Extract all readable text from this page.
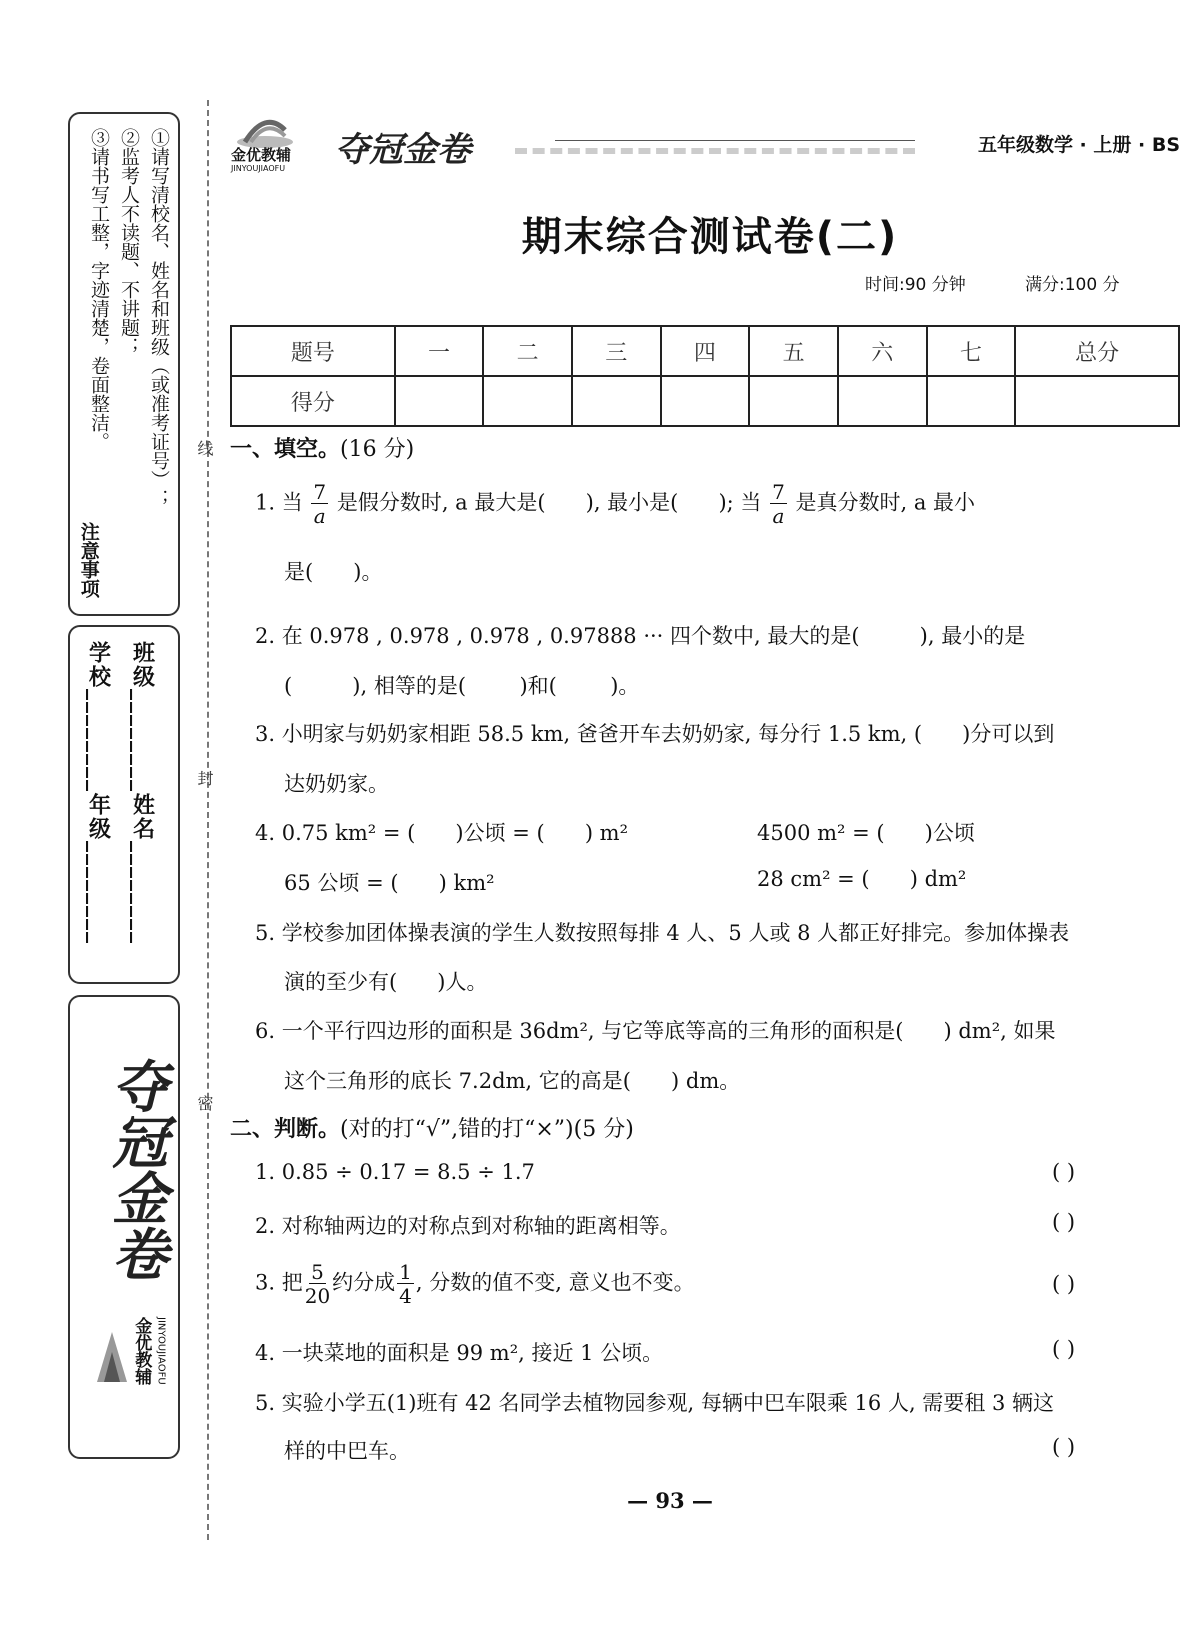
①请写清校名、姓名和班级（或准考证号）；
②监考人不读题、不讲题；
③请书写工整，字迹清楚，卷面整洁。
注意事项
学校________年级________ 班级________姓名________
夺冠金卷
金优教辅 JINYOUJIAOFU
线
封
密
金优教辅
JINYOUJIAOFU 夺冠金卷	五年级数学 · 上册 · BS
期末综合测试卷(二)
时间:90 分钟	满分:100 分
题号	一	二	三	四	五	六	七	总分
得分								
一、填空。(16 分)
1. 当 $\frac{7}{a}$ 是假分数时, a 最大是( ), 最小是( ); 当 $\frac{7}{a}$ 是真分数时, a 最小
是( )。
2. 在 0.978 , 0.978 , 0.978 , 0.97888 ··· 四个数中, 最大的是(	), 最小的是
(	), 相等的是(	)和(	)。
3. 小明家与奶奶家相距 58.5 km, 爸爸开车去奶奶家, 每分行 1.5 km, ( )分可以到
达奶奶家。
4. 0.75 km² = ( )公顷 = ( ) m²	4500 m² = ( )公顷
65 公顷 = ( ) km²	28 cm² = ( ) dm²
5. 学校参加团体操表演的学生人数按照每排 4 人、5 人或 8 人都正好排完。参加体操表
演的至少有( )人。
6. 一个平行四边形的面积是 36dm², 与它等底等高的三角形的面积是( ) dm², 如果
这个三角形的底长 7.2dm, 它的高是( ) dm。
二、判断。(对的打“√”,错的打“×”)(5 分)
1. 0.85 ÷ 0.17 = 8.5 ÷ 1.7	( )
2. 对称轴两边的对称点到对称轴的距离相等。	( )
3. 把 $\frac{5}{20}$ 约分成 $\frac{1}{4}$ , 分数的值不变, 意义也不变。	( )
4. 一块菜地的面积是 99 m², 接近 1 公顷。	( )
5. 实验小学五(1)班有 42 名同学去植物园参观, 每辆中巴车限乘 16 人, 需要租 3 辆这
样的中巴车。	( )
— 93 —
